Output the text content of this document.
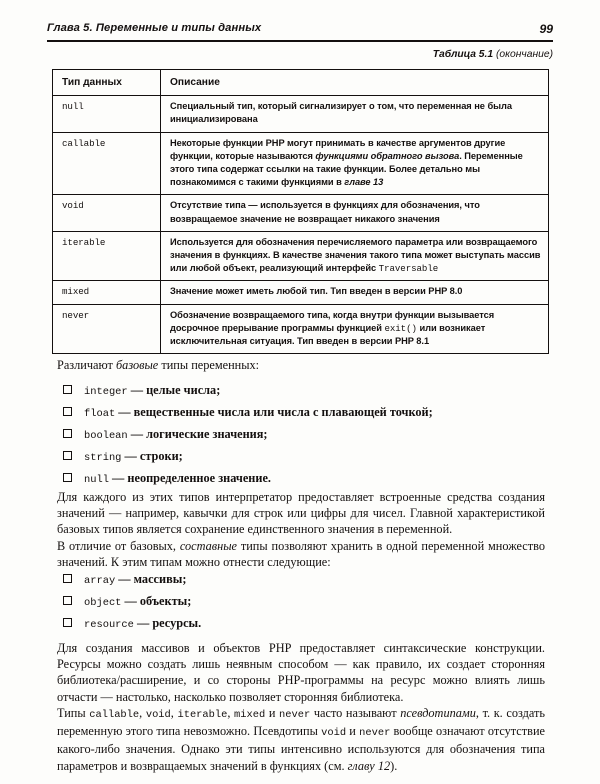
Глава 5. Переменные и типы данных	99
Таблица 5.1 (окончание)
Тип данных	Описание
null	Специальный тип, который сигнализирует о том, что переменная не была инициализирована
callable	Некоторые функции PHP могут принимать в качестве аргументов другие функции, которые называются функциями обратного вызова. Переменные этого типа содержат ссылки на такие функции. Более детально мы познакомимся с такими функциями в главе 13
void	Отсутствие типа — используется в функциях для обозначения, что возвращаемое значение не возвращает никакого значения
iterable	Используется для обозначения перечисляемого параметра или возвращаемого значения в функциях. В качестве значения такого типа может выступать массив или любой объект, реализующий интерфейс Traversable
mixed	Значение может иметь любой тип. Тип введен в версии PHP 8.0
never	Обозначение возвращаемого типа, когда внутри функции вызывается досрочное прерывание программы функцией exit() или возникает исключительная ситуация. Тип введен в версии PHP 8.1
Различают базовые типы переменных:
integer — целые числа;
float — вещественные числа или числа с плавающей точкой;
boolean — логические значения;
string — строки;
null — неопределенное значение.
Для каждого из этих типов интерпретатор предоставляет встроенные средства создания значений — например, кавычки для строк или цифры для чисел. Главной характеристикой базовых типов является сохранение единственного значения в переменной.
В отличие от базовых, составные типы позволяют хранить в одной переменной множество значений. К этим типам можно отнести следующие:
array — массивы;
object — объекты;
resource — ресурсы.
Для создания массивов и объектов PHP предоставляет синтаксические конструкции. Ресурсы можно создать лишь неявным способом — как правило, их создает сторонняя библиотека/расширение, и со стороны PHP-программы на ресурс можно влиять лишь отчасти — настолько, насколько позволяет сторонняя библиотека.
Типы callable, void, iterable, mixed и never часто называют псевдотипами, т. к. создать переменную этого типа невозможно. Псевдотипы void и never вообще означают отсутствие какого-либо значения. Однако эти типы интенсивно используются для обозначения типа параметров и возвращаемых значений в функциях (см. главу 12).
